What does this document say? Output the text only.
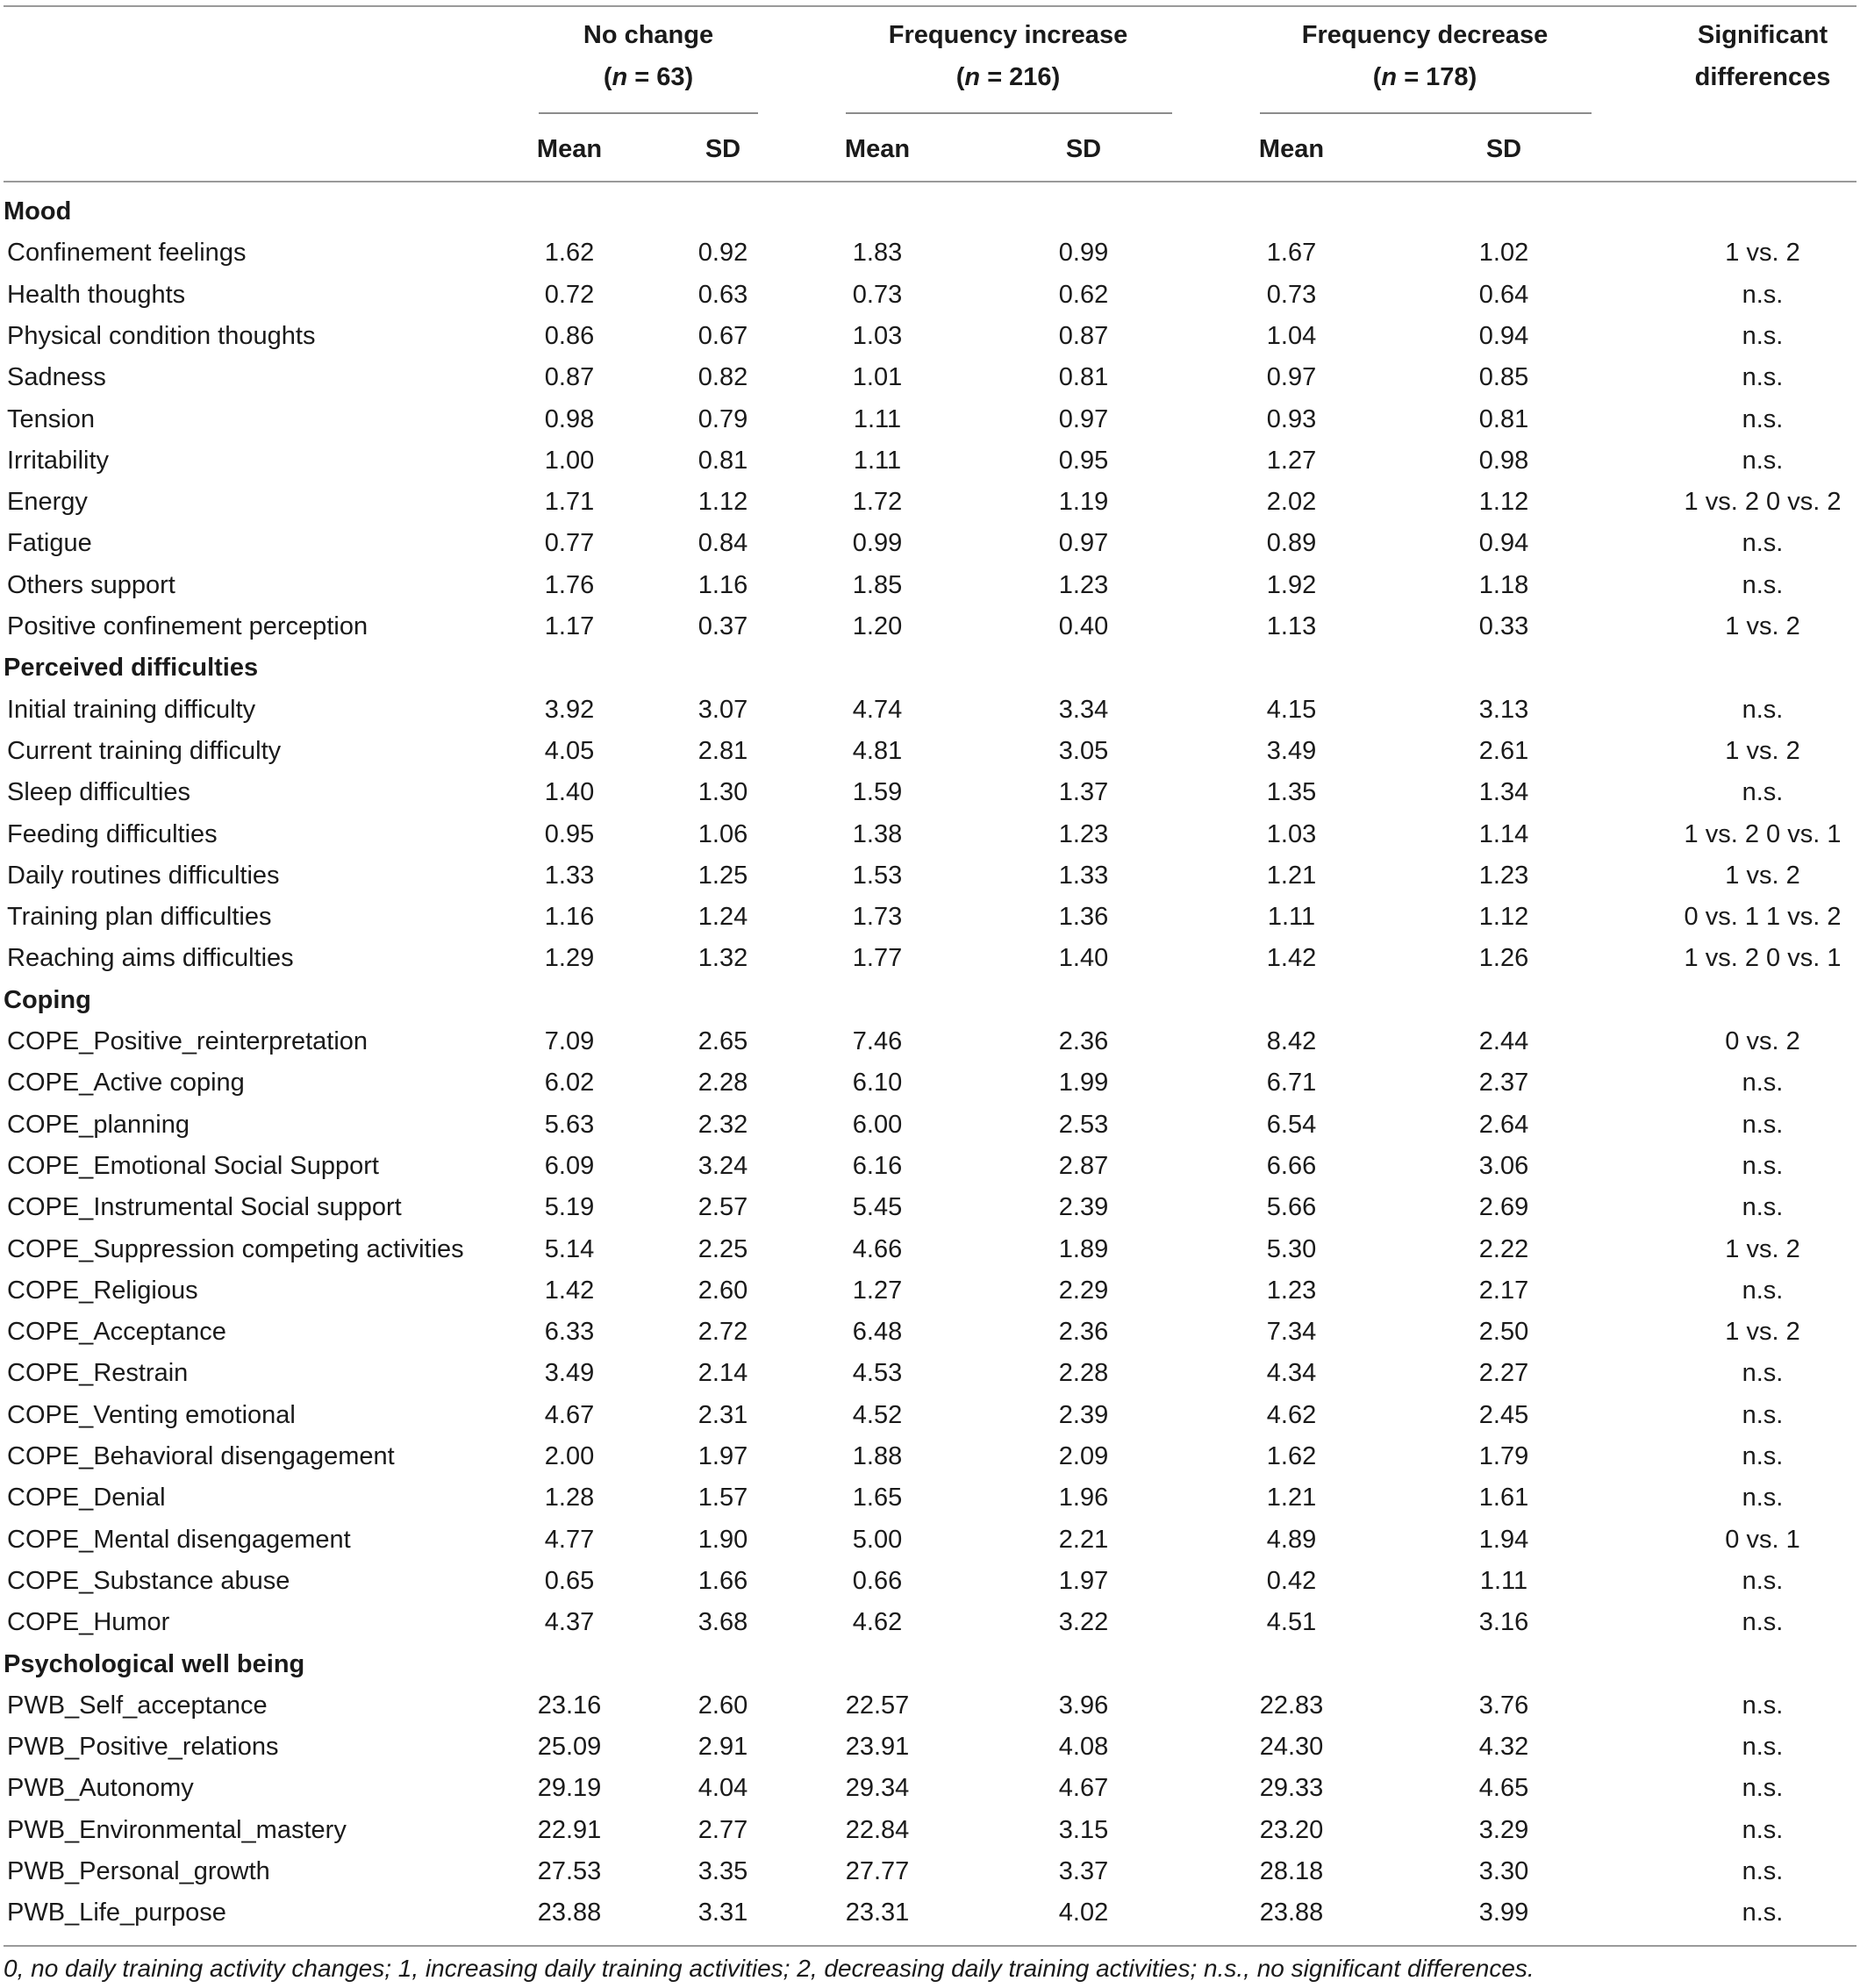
No change
(n = 63)
Frequency increase
(n = 216)
Frequency decrease
(n = 178)
Significant
differences
Mean	SD	Mean	SD	Mean	SD
Mood
Confinement feelings	1.62	0.92	1.83	0.99	1.67	1.02	1 vs. 2
Health thoughts	0.72	0.63	0.73	0.62	0.73	0.64	n.s.
Physical condition thoughts	0.86	0.67	1.03	0.87	1.04	0.94	n.s.
Sadness	0.87	0.82	1.01	0.81	0.97	0.85	n.s.
Tension	0.98	0.79	1.11	0.97	0.93	0.81	n.s.
Irritability	1.00	0.81	1.11	0.95	1.27	0.98	n.s.
Energy	1.71	1.12	1.72	1.19	2.02	1.12	1 vs. 2 0 vs. 2
Fatigue	0.77	0.84	0.99	0.97	0.89	0.94	n.s.
Others support	1.76	1.16	1.85	1.23	1.92	1.18	n.s.
Positive confinement perception	1.17	0.37	1.20	0.40	1.13	0.33	1 vs. 2
Perceived difficulties
Initial training difficulty	3.92	3.07	4.74	3.34	4.15	3.13	n.s.
Current training difficulty	4.05	2.81	4.81	3.05	3.49	2.61	1 vs. 2
Sleep difficulties	1.40	1.30	1.59	1.37	1.35	1.34	n.s.
Feeding difficulties	0.95	1.06	1.38	1.23	1.03	1.14	1 vs. 2 0 vs. 1
Daily routines difficulties	1.33	1.25	1.53	1.33	1.21	1.23	1 vs. 2
Training plan difficulties	1.16	1.24	1.73	1.36	1.11	1.12	0 vs. 1 1 vs. 2
Reaching aims difficulties	1.29	1.32	1.77	1.40	1.42	1.26	1 vs. 2 0 vs. 1
Coping
COPE_Positive_reinterpretation	7.09	2.65	7.46	2.36	8.42	2.44	0 vs. 2
COPE_Active coping	6.02	2.28	6.10	1.99	6.71	2.37	n.s.
COPE_planning	5.63	2.32	6.00	2.53	6.54	2.64	n.s.
COPE_Emotional Social Support	6.09	3.24	6.16	2.87	6.66	3.06	n.s.
COPE_Instrumental Social support	5.19	2.57	5.45	2.39	5.66	2.69	n.s.
COPE_Suppression competing activities	5.14	2.25	4.66	1.89	5.30	2.22	1 vs. 2
COPE_Religious	1.42	2.60	1.27	2.29	1.23	2.17	n.s.
COPE_Acceptance	6.33	2.72	6.48	2.36	7.34	2.50	1 vs. 2
COPE_Restrain	3.49	2.14	4.53	2.28	4.34	2.27	n.s.
COPE_Venting emotional	4.67	2.31	4.52	2.39	4.62	2.45	n.s.
COPE_Behavioral disengagement	2.00	1.97	1.88	2.09	1.62	1.79	n.s.
COPE_Denial	1.28	1.57	1.65	1.96	1.21	1.61	n.s.
COPE_Mental disengagement	4.77	1.90	5.00	2.21	4.89	1.94	0 vs. 1
COPE_Substance abuse	0.65	1.66	0.66	1.97	0.42	1.11	n.s.
COPE_Humor	4.37	3.68	4.62	3.22	4.51	3.16	n.s.
Psychological well being
PWB_Self_acceptance	23.16	2.60	22.57	3.96	22.83	3.76	n.s.
PWB_Positive_relations	25.09	2.91	23.91	4.08	24.30	4.32	n.s.
PWB_Autonomy	29.19	4.04	29.34	4.67	29.33	4.65	n.s.
PWB_Environmental_mastery	22.91	2.77	22.84	3.15	23.20	3.29	n.s.
PWB_Personal_growth	27.53	3.35	27.77	3.37	28.18	3.30	n.s.
PWB_Life_purpose	23.88	3.31	23.31	4.02	23.88	3.99	n.s.
0, no daily training activity changes; 1, increasing daily training activities; 2, decreasing daily training activities; n.s., no significant differences.
